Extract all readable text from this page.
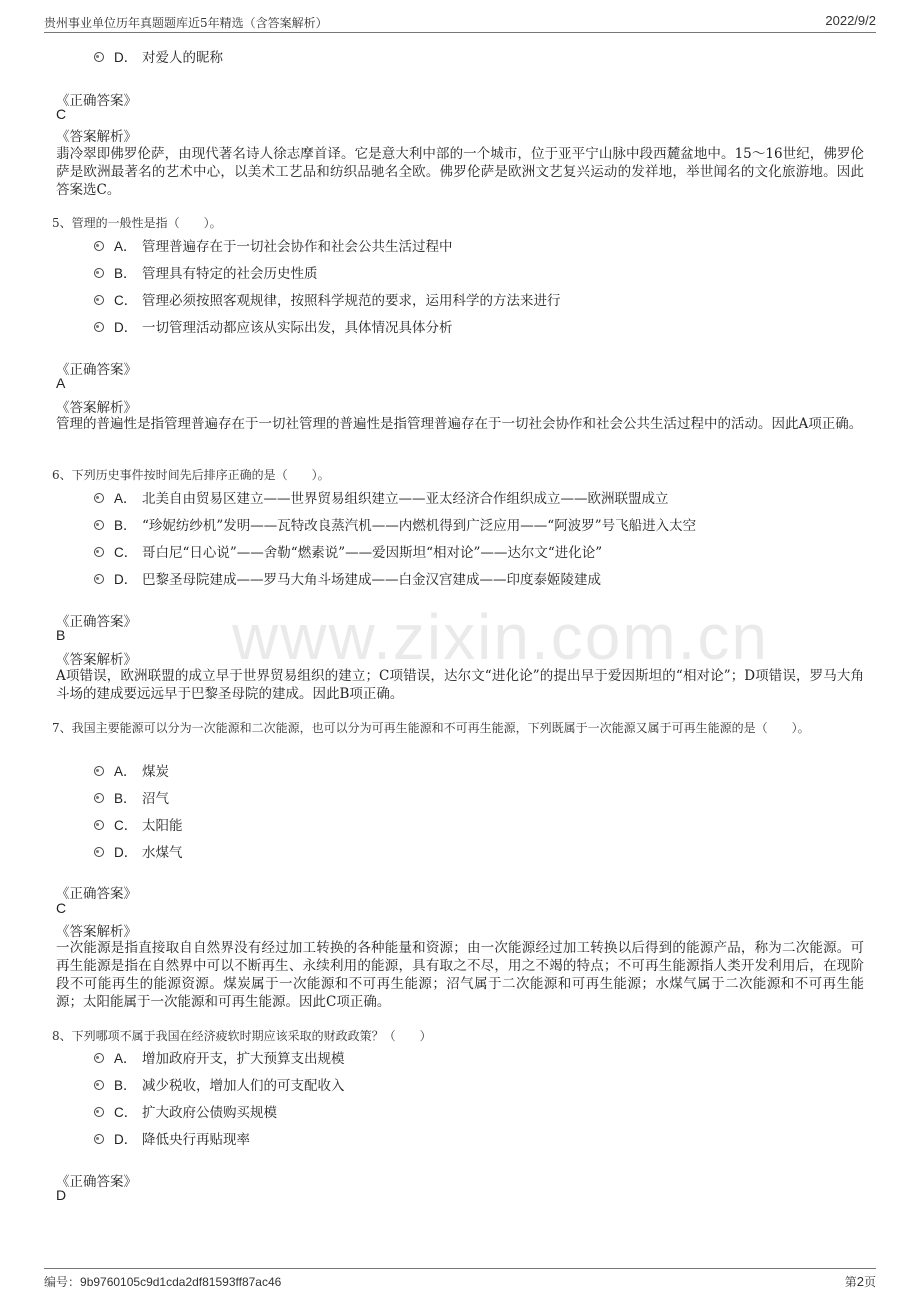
贵州事业单位历年真题题库近5年精选（含答案解析）	2022/9/2
www.zixin.com.cn
D． 对爱人的昵称
《正确答案》
C
《答案解析》
翡冷翠即佛罗伦萨，由现代著名诗人徐志摩首译。它是意大利中部的一个城市，位于亚平宁山脉中段西麓盆地中。15～16世纪，佛罗伦萨是欧洲最著名的艺术中心，以美术工艺品和纺织品驰名全欧。佛罗伦萨是欧洲文艺复兴运动的发祥地，举世闻名的文化旅游地。因此答案选C。
5、管理的一般性是指（　　）。
A． 管理普遍存在于一切社会协作和社会公共生活过程中
B． 管理具有特定的社会历史性质
C． 管理必须按照客观规律，按照科学规范的要求，运用科学的方法来进行
D． 一切管理活动都应该从实际出发，具体情况具体分析
《正确答案》
A
《答案解析》
管理的普遍性是指管理普遍存在于一切社管理的普遍性是指管理普遍存在于一切社会协作和社会公共生活过程中的活动。因此A项正确。
6、下列历史事件按时间先后排序正确的是（　　）。
A． 北美自由贸易区建立——世界贸易组织建立——亚太经济合作组织成立——欧洲联盟成立
B． “珍妮纺纱机”发明——瓦特改良蒸汽机——内燃机得到广泛应用——“阿波罗”号飞船进入太空
C． 哥白尼“日心说”——舍勒“燃素说”——爱因斯坦“相对论”——达尔文“进化论”
D． 巴黎圣母院建成——罗马大角斗场建成——白金汉宫建成——印度泰姬陵建成
《正确答案》
B
《答案解析》
A项错误，欧洲联盟的成立早于世界贸易组织的建立；C项错误，达尔文“进化论”的提出早于爱因斯坦的“相对论”；D项错误，罗马大角斗场的建成要远远早于巴黎圣母院的建成。因此B项正确。
7、我国主要能源可以分为一次能源和二次能源，也可以分为可再生能源和不可再生能源，下列既属于一次能源又属于可再生能源的是（　　）。
A． 煤炭
B． 沼气
C． 太阳能
D． 水煤气
《正确答案》
C
《答案解析》
一次能源是指直接取自自然界没有经过加工转换的各种能量和资源；由一次能源经过加工转换以后得到的能源产品，称为二次能源。可再生能源是指在自然界中可以不断再生、永续利用的能源，具有取之不尽，用之不竭的特点；不可再生能源指人类开发利用后，在现阶段不可能再生的能源资源。煤炭属于一次能源和不可再生能源；沼气属于二次能源和可再生能源；水煤气属于二次能源和不可再生能源；太阳能属于一次能源和可再生能源。因此C项正确。
8、下列哪项不属于我国在经济疲软时期应该采取的财政政策？（　　）
A． 增加政府开支，扩大预算支出规模
B． 减少税收，增加人们的可支配收入
C． 扩大政府公债购买规模
D． 降低央行再贴现率
《正确答案》
D
编号：9b9760105c9d1cda2df81593ff87ac46	第2页
